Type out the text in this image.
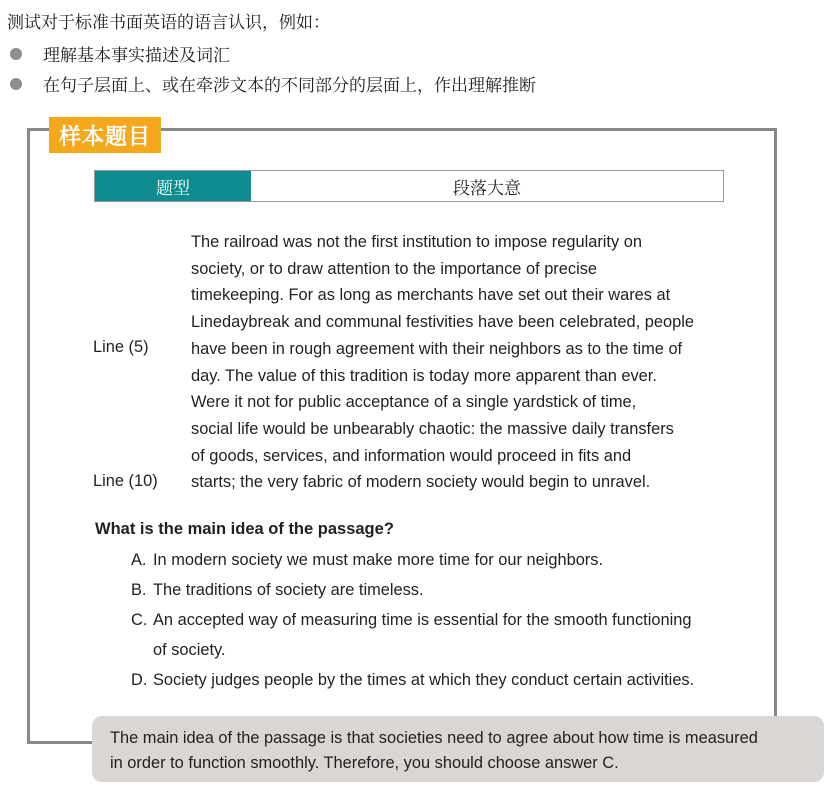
测试对于标准书面英语的语言认识，例如：
理解基本事实描述及词汇
在句子层面上、或在牵涉文本的不同部分的层面上，作出理解推断
样本题目
题型	段落大意
The railroad was not the first institution to impose regularity on
society, or to draw attention to the importance of precise
timekeeping. For as long as merchants have set out their wares at
Linedaybreak and communal festivities have been celebrated, people
have been in rough agreement with their neighbors as to the time of
day. The value of this tradition is today more apparent than ever.
Were it not for public acceptance of a single yardstick of time,
social life would be unbearably chaotic: the massive daily transfers
of goods, services, and information would proceed in fits and
starts; the very fabric of modern society would begin to unravel.
Line (5)
Line (10)
What is the main idea of the passage?
A. In modern society we must make more time for our neighbors.
B. The traditions of society are timeless.
C. An accepted way of measuring time is essential for the smooth functioning
of society.
D. Society judges people by the times at which they conduct certain activities.
The main idea of the passage is that societies need to agree about how time is measured
in order to function smoothly. Therefore, you should choose answer C.
